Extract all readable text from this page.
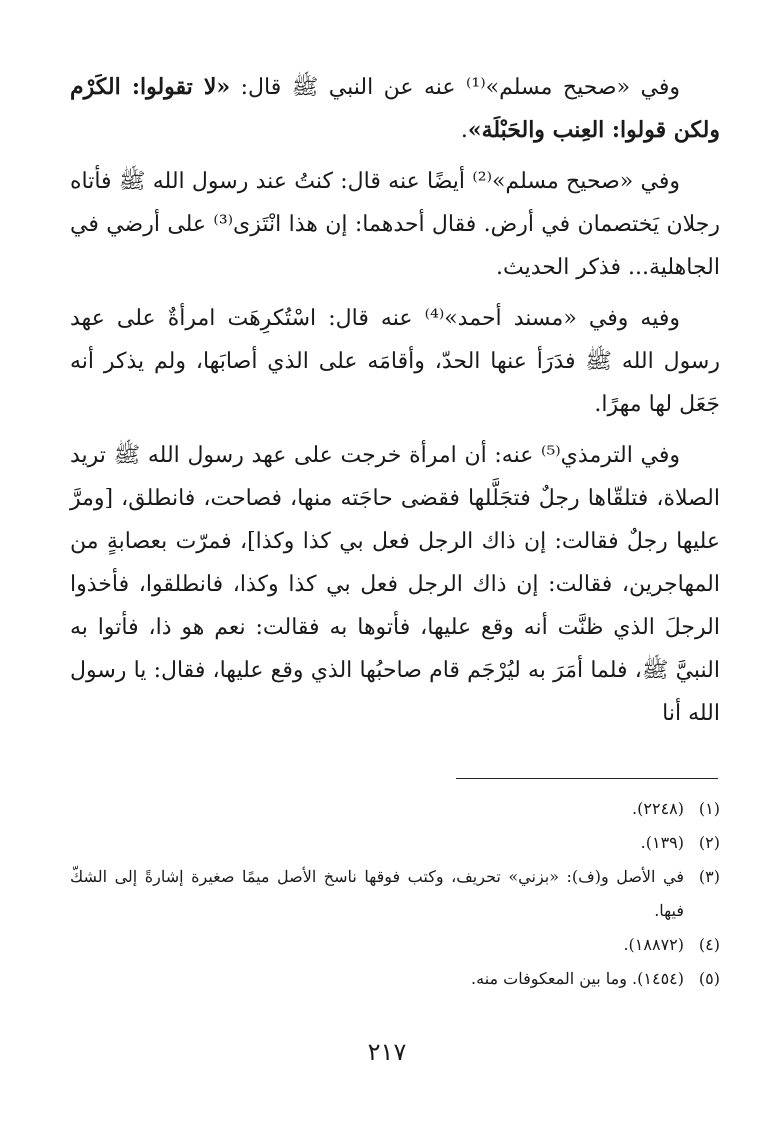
وفي «صحيح مسلم»⁽¹⁾ عنه عن النبي ﷺ قال: «لا تقولوا: الكَرْم ولكن قولوا: العِنب والحَبْلَة».

وفي «صحيح مسلم»⁽²⁾ أيضًا عنه قال: كنتُ عند رسول الله ﷺ فأتاه رجلان يَختصمان في أرض. فقال أحدهما: إن هذا انْتَزى⁽³⁾ على أرضي في الجاهلية... فذكر الحديث.

وفيه وفي «مسند أحمد»⁽⁴⁾ عنه قال: اسْتُكرِهَت امرأةٌ على عهد رسول الله ﷺ فدَرَأ عنها الحدّ، وأقامَه على الذي أصابَها، ولم يذكر أنه جَعَل لها مهرًا.

وفي الترمذي⁽⁵⁾ عنه: أن امرأة خرجت على عهد رسول الله ﷺ تريد الصلاة، فتلقّاها رجلٌ فتجَلَّلها فقضى حاجَته منها، فصاحت، فانطلق، [ومرَّ عليها رجلٌ فقالت: إن ذاك الرجل فعل بي كذا وكذا]، فمرّت بعصابةٍ من المهاجرين، فقالت: إن ذاك الرجل فعل بي كذا وكذا، فانطلقوا، فأخذوا الرجلَ الذي ظنَّت أنه وقع عليها، فأتوها به فقالت: نعم هو ذا، فأتوا به النبيَّ ﷺ، فلما أمَرَ به ليُرْجَم قام صاحبُها الذي وقع عليها، فقال: يا رسول الله أنا

(١)
(٢٢٤٨).
(٢)
(١٣٩).
(٣)
في الأصل و(ف): «بزني» تحريف، وكتب فوقها ناسخ الأصل ميمًا صغيرة إشارةً إلى الشكّ فيها.
(٤)
(١٨٨٧٢).
(٥)
(١٤٥٤). وما بين المعكوفات منه.
٢١٧
